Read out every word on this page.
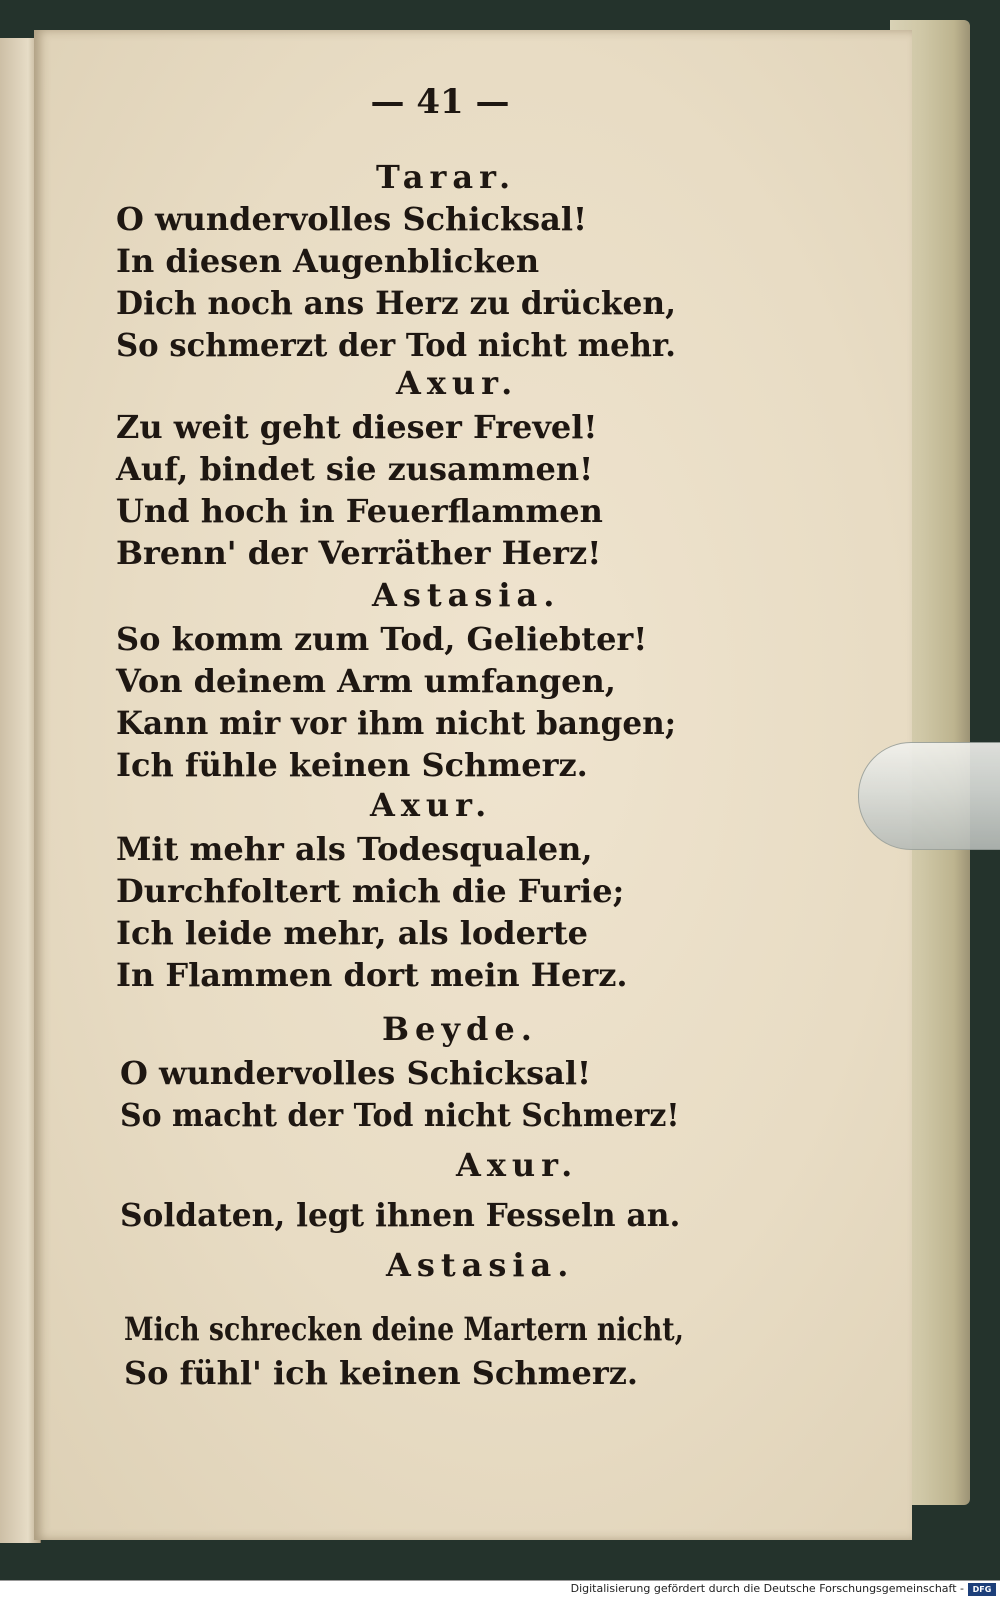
— 41 —
Tarar.
O wundervolles Schicksal!
In diesen Augenblicken
Dich noch ans Herz zu drücken,
So schmerzt der Tod nicht mehr.
Axur.
Zu weit geht dieser Frevel!
Auf, bindet sie zusammen!
Und hoch in Feuerflammen
Brenn' der Verräther Herz!
Astasia.
So komm zum Tod, Geliebter!
Von deinem Arm umfangen,
Kann mir vor ihm nicht bangen;
Ich fühle keinen Schmerz.
Axur.
Mit mehr als Todesqualen,
Durchfoltert mich die Furie;
Ich leide mehr, als loderte
In Flammen dort mein Herz.
Beyde.
O wundervolles Schicksal!
So macht der Tod nicht Schmerz!
Axur.
Soldaten, legt ihnen Fesseln an.
Astasia.
Mich schrecken deine Martern nicht,
So fühl' ich keinen Schmerz.
Digitalisierung gefördert durch die Deutsche Forschungsgemeinschaft -	DFG
